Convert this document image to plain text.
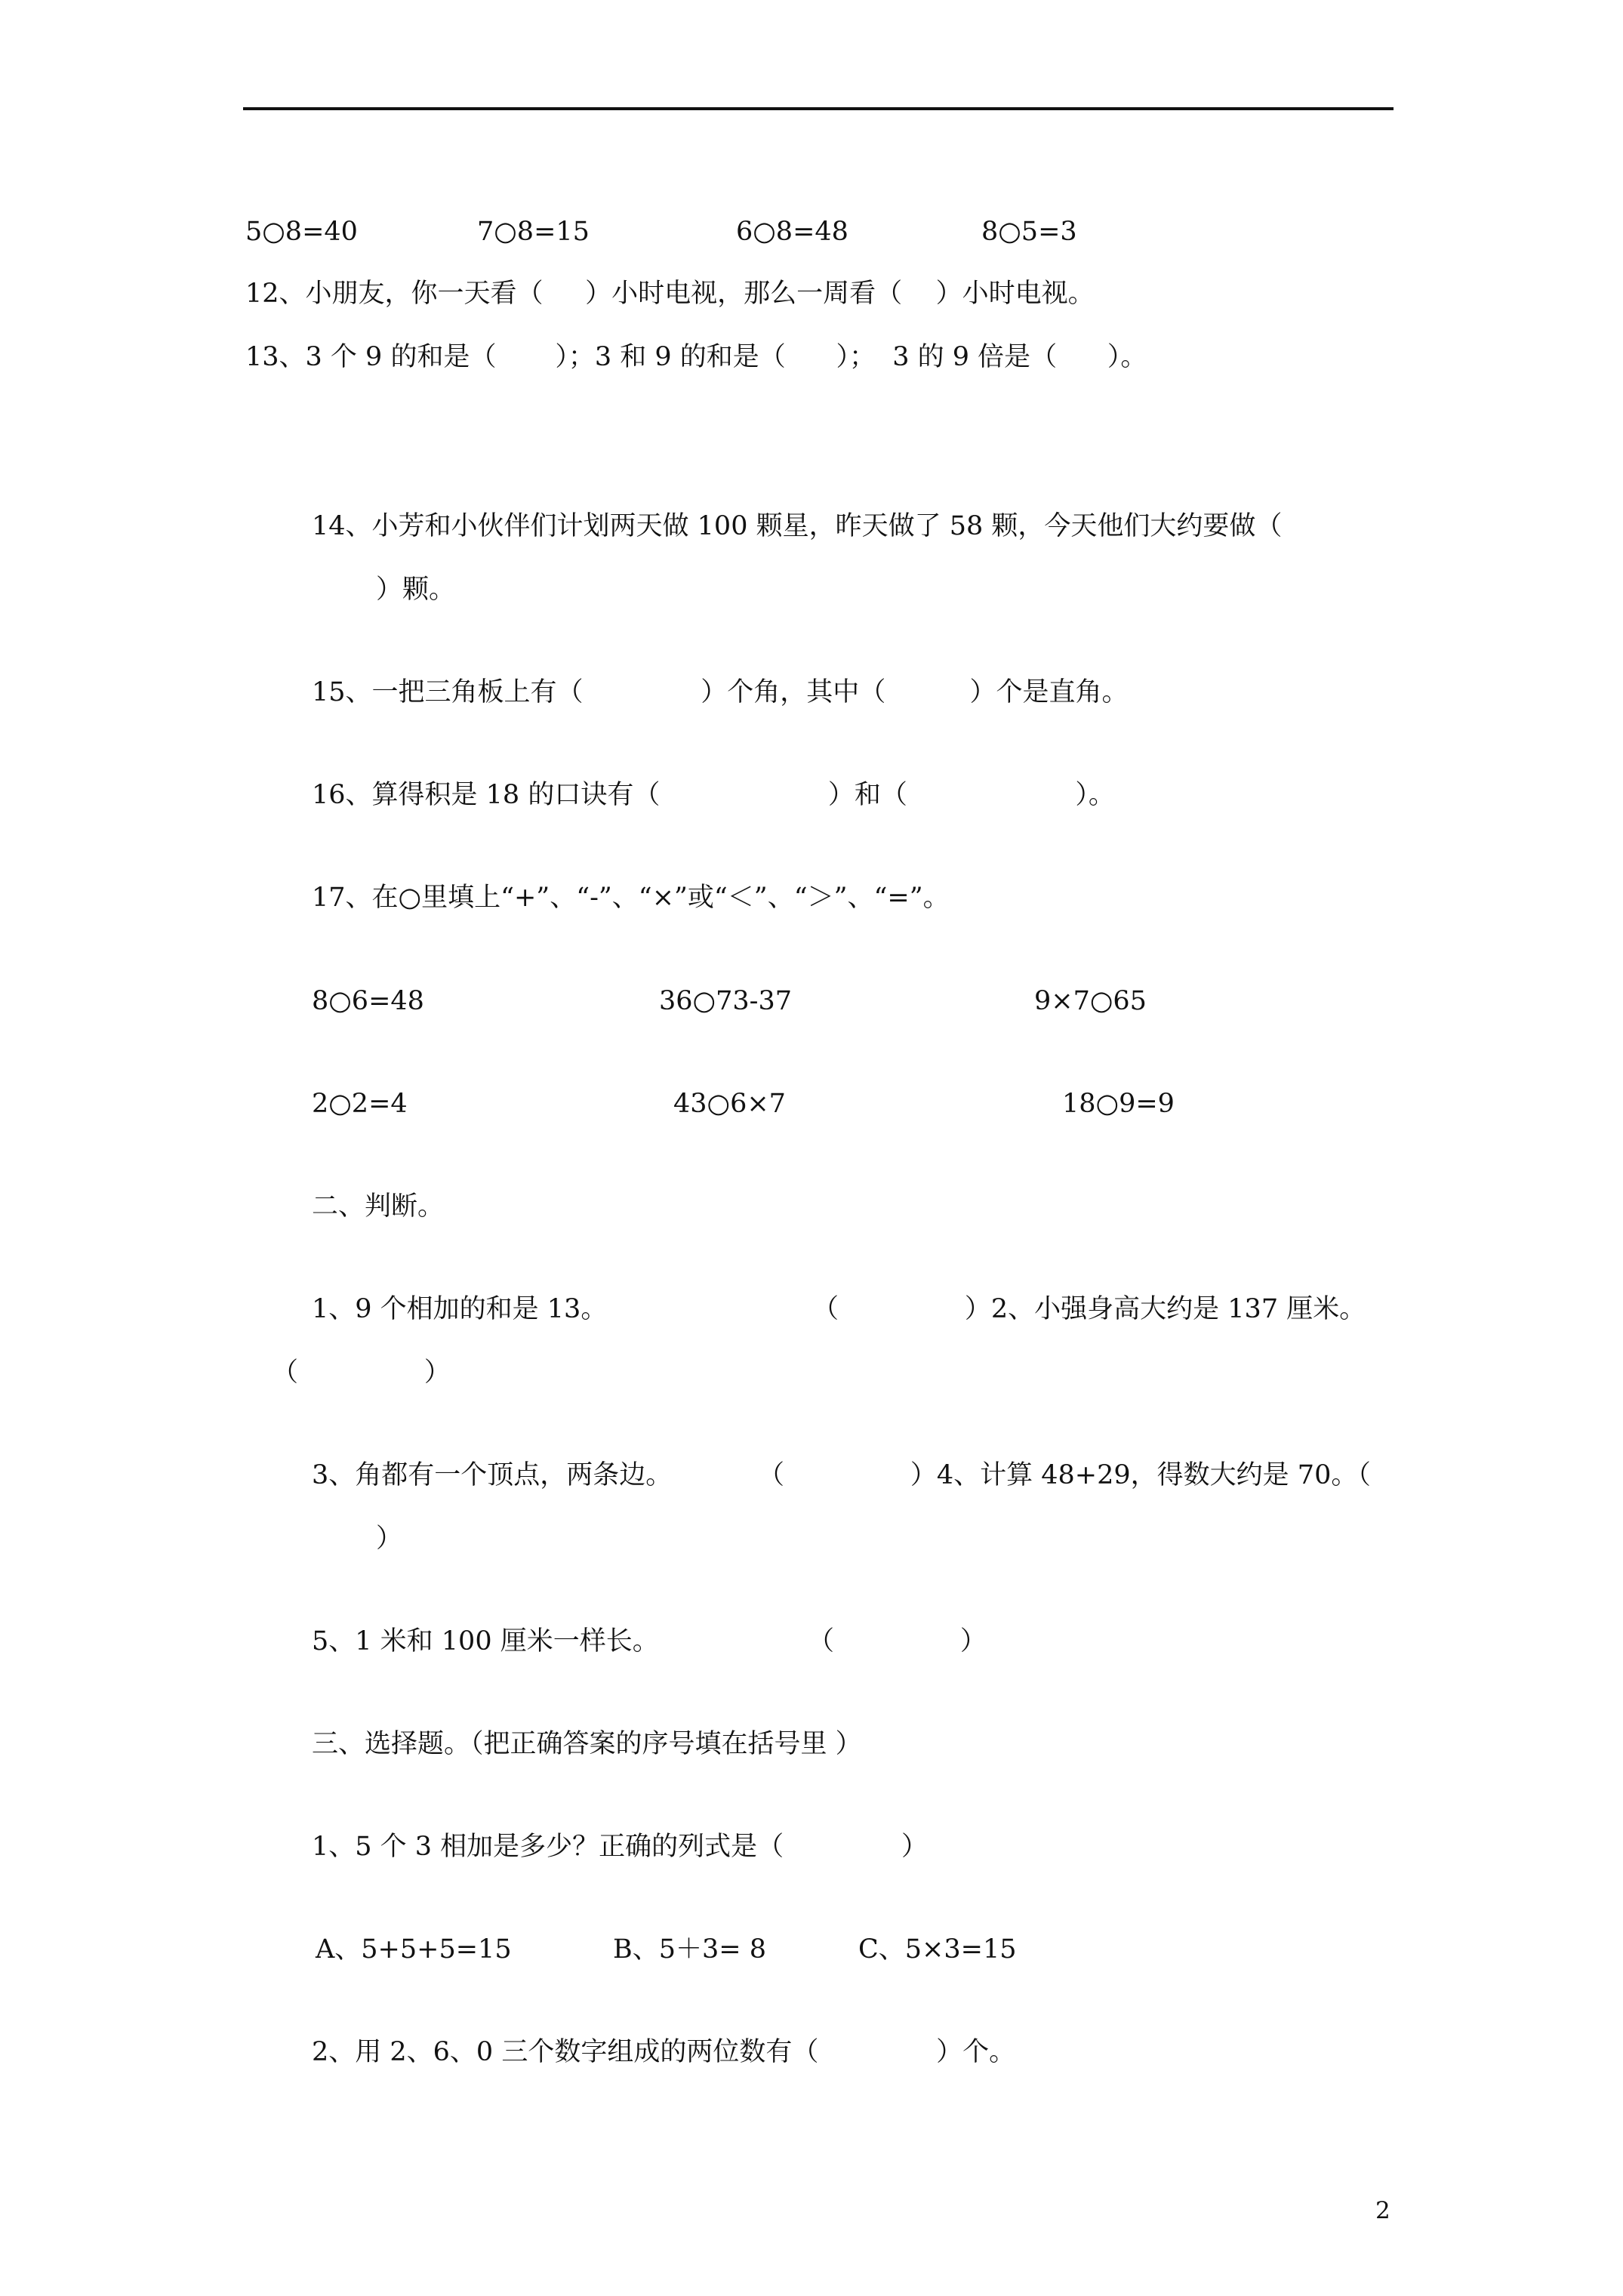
5○8=40	7○8=15	6○8=48	8○5=3
12、小朋友，你一天看（     ）小时电视，那么一周看（    ）小时电视。
13、3 个 9 的和是（       ）；3 和 9 的和是（      ）；  3 的 9 倍是（      ）。
14、小芳和小伙伴们计划两天做 100 颗星，昨天做了 58 颗，今天他们大约要做（
）颗。
15、一把三角板上有（              ）个角，其中（          ）个是直角。
16、算得积是 18 的口诀有（                    ）和（                    ）。
17、在○里填上“+”、“-”、“×”或“＜”、“＞”、“=”。
8○6=48	36○73-37	9×7○65
2○2=4	43○6×7	18○9=9
二、判断。
1、9 个相加的和是 13。	（               ）2、小强身高大约是 137 厘米。
（               ）
3、角都有一个顶点，两条边。	（               ）4、计算 48+29，得数大约是 70。（
）
5、1 米和 100 厘米一样长。	（               ）
三、选择题。（把正确答案的序号填在括号里 ）
1、5 个 3 相加是多少？正确的列式是（              ）
A、5+5+5=15	B、5＋3= 8	C、5×3=15
2、用 2、6、0 三个数字组成的两位数有（              ）个。
2
